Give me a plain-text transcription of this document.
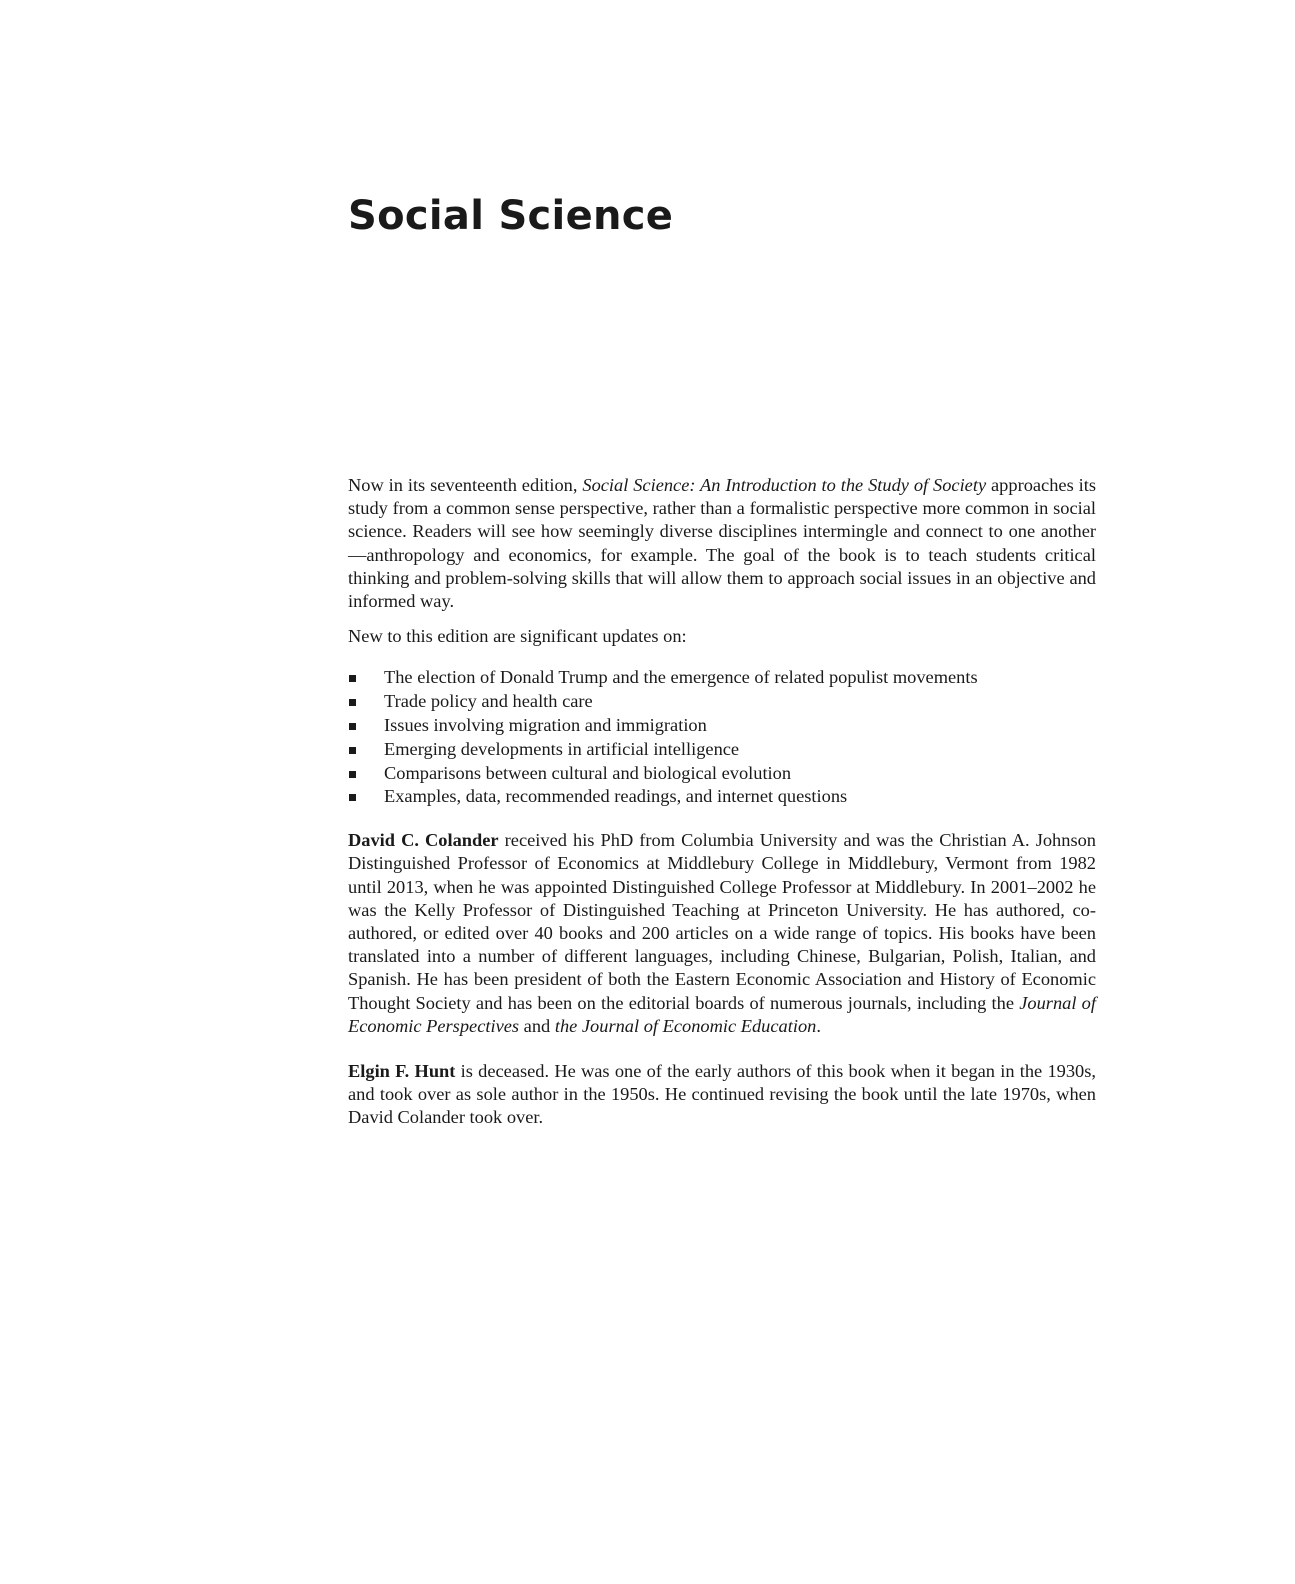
Social Science

Now in its seventeenth edition, Social Science: An Introduction to the Study of Society approaches its study from a common sense perspective, rather than a formalistic perspective more common in social science. Readers will see how seemingly diverse disciplines intermingle and connect to one another—anthropology and economics, for example. The goal of the book is to teach students critical thinking and problem-solving skills that will allow them to approach social issues in an objective and informed way.

New to this edition are significant updates on:

The election of Donald Trump and the emergence of related populist movements
Trade policy and health care
Issues involving migration and immigration
Emerging developments in artificial intelligence
Comparisons between cultural and biological evolution
Examples, data, recommended readings, and internet questions

David C. Colander received his PhD from Columbia University and was the Christian A. Johnson Distinguished Professor of Economics at Middlebury College in Middlebury, Vermont from 1982 until 2013, when he was appointed Distinguished College Professor at Middlebury. In 2001–2002 he was the Kelly Professor of Distinguished Teaching at Princeton University. He has authored, co-authored, or edited over 40 books and 200 articles on a wide range of topics. His books have been translated into a number of different languages, including Chinese, Bulgarian, Polish, Italian, and Spanish. He has been president of both the Eastern Economic Association and History of Economic Thought Society and has been on the editorial boards of numerous journals, including the Journal of Economic Perspectives and the Journal of Economic Education.

Elgin F. Hunt is deceased. He was one of the early authors of this book when it began in the 1930s, and took over as sole author in the 1950s. He continued revising the book until the late 1970s, when David Colander took over.
